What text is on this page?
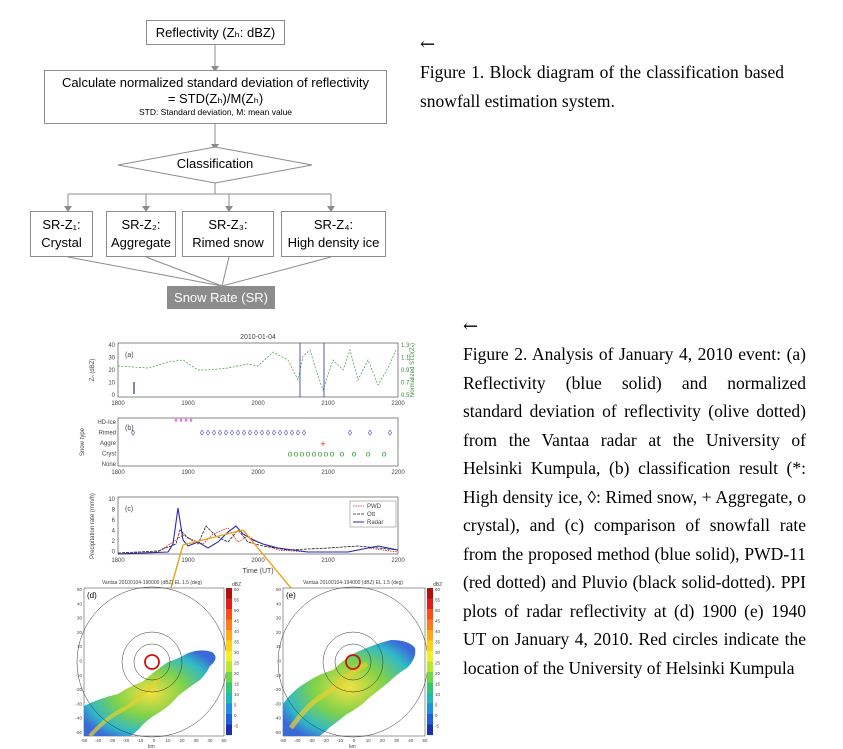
Reflectivity (Zₕ: dBZ)
Calculate normalized standard deviation of reflectivity
= STD(Zₕ)/M(Zₕ)
STD: Standard deviation, M: mean value
Classification
SR-Z₁:
Crystal
SR-Z₂:
Aggregate
SR-Z₃:
Rimed snow
SR-Z₄:
High density ice
Snow Rate (SR)
←
Figure 1. Block diagram of the classification based snowfall estimation system.
←
Figure 2. Analysis of January 4, 2010 event: (a) Reflectivity (blue solid) and normalized standard deviation of reflectivity (olive dotted) from the Vantaa radar at the University of Helsinki Kumpula, (b) classification result (*: High density ice, ◊: Rimed snow, + Aggregate, o crystal), and (c) comparison of snowfall rate from the proposed method (blue solid), PWD-11 (red dotted) and Pluvio (black solid-dotted). PPI plots of radar reflectivity at (d) 1900 (e) 1940 UT on January 4, 2010. Red circles indicate the location of the University of Helsinki Kumpula
2010-01-04
(a)
40
30
20
10
0
1.3
1.1
0.9
0.7
0.5
Zₕ (dBZ)	Normalized STD(Zₕ)
1800	1900	2000	2100	2200
(b)
Snow type
HD-Ice
Rimed
Aggre
Cryst
None
* * * *
◊	◊ ◊ ◊ ◊ ◊ ◊ ◊ ◊ ◊ ◊ ◊ ◊ ◊ ◊ ◊ ◊ ◊ ◊	◊ ◊ ◊
+
o o o o o o o o o o o o
1800	1900	2000	2100	2200
(c)
Precipitation rate (mm/h) 10
8
6
4
2
0
1800	1900	2000	2100	2200
Time (UT)
PWD
Ott
Radar
Vantaa 20100104-190000 (dBZ) EL 1.5 (deg)
(d)
km
50
40
30
20
10
0
-10
-20
-30
-40
-50
-50 -40 -30 -20 -10 0 10 20 30 40 50
dBZ
60
55
50
45
40
35
30
25
20
15
10
5
0
-5
Vantaa 20100104-194000 (dBZ) EL 1.5 (deg)
(e)
km
50
40
30
20
10
0
-10
-20
-30
-40
-50
-50 -40 -30 -20 -10 0 10 20 30 40 50
dBZ
60
55
50
45
40
35
30
25
20
15
10
5
0
-5
